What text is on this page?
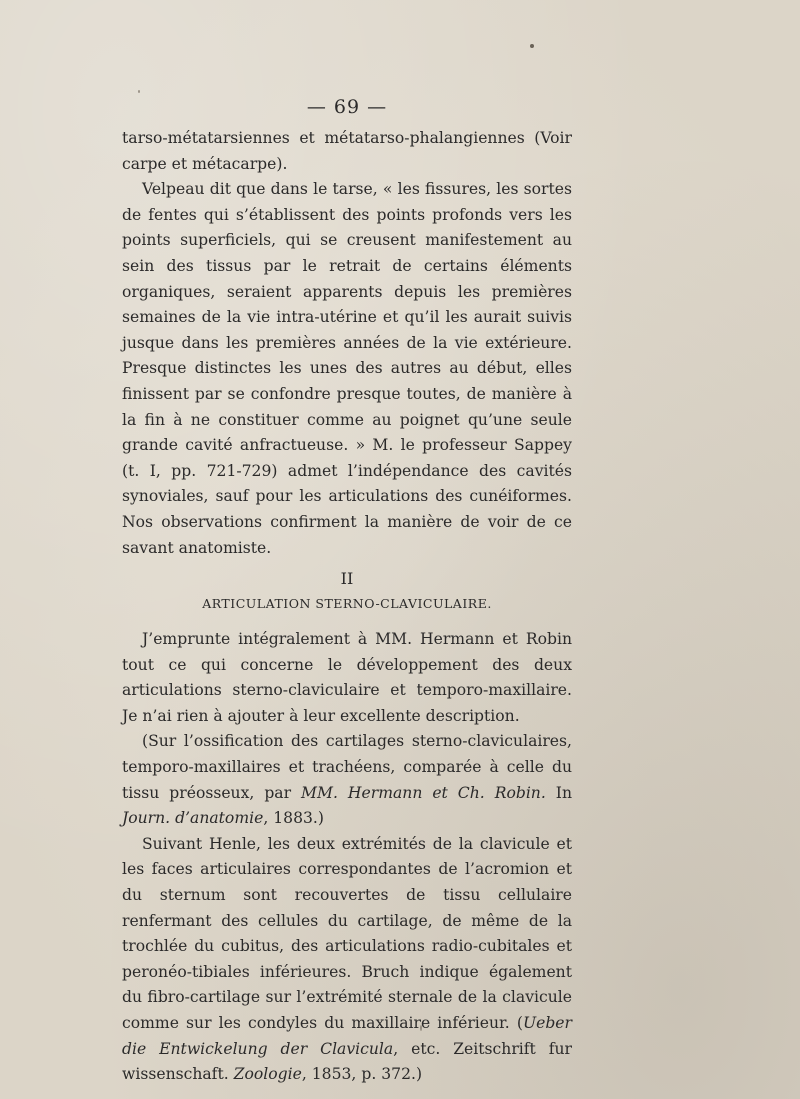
— 69 —

tarso-métatarsiennes et métatarso-phalangiennes (Voir carpe et métacarpe).

Velpeau dit que dans le tarse, « les fissures, les sortes de fentes qui s’établissent des points profonds vers les points superficiels, qui se creusent manifestement au sein des tissus par le retrait de certains éléments organiques, seraient apparents depuis les premières semaines de la vie intra-utérine et qu’il les aurait suivis jusque dans les premières années de la vie extérieure. Presque distinctes les unes des autres au début, elles finissent par se confondre presque toutes, de manière à la fin à ne constituer comme au poignet qu’une seule grande cavité anfractueuse. » M. le professeur Sappey (t. I, pp. 721-729) admet l’indépendance des cavités synoviales, sauf pour les articulations des cunéiformes. Nos observations confirment la manière de voir de ce savant anatomiste.

II
ARTICULATION STERNO-CLAVICULAIRE.

J’emprunte intégralement à MM. Hermann et Robin tout ce qui concerne le développement des deux articulations sterno-claviculaire et temporo-maxillaire. Je n’ai rien à ajouter à leur excellente description.

(Sur l’ossification des cartilages sterno-claviculaires, temporo-maxillaires et trachéens, comparée à celle du tissu préosseux, par MM. Hermann et Ch. Robin. In Journ. d’anatomie, 1883.)

Suivant Henle, les deux extrémités de la clavicule et les faces articulaires correspondantes de l’acromion et du sternum sont recouvertes de tissu cellulaire renfermant des cellules du cartilage, de même de la trochlée du cubitus, des articulations radio-cubitales et peronéo-tibiales inférieures. Bruch indique également du fibro-cartilage sur l’extrémité sternale de la clavicule comme sur les condyles du maxillaire inférieur. (Ueber die Entwickelung der Clavicula, etc. Zeitschrift fur wissenschaft. Zoologie, 1853, p. 372.)
